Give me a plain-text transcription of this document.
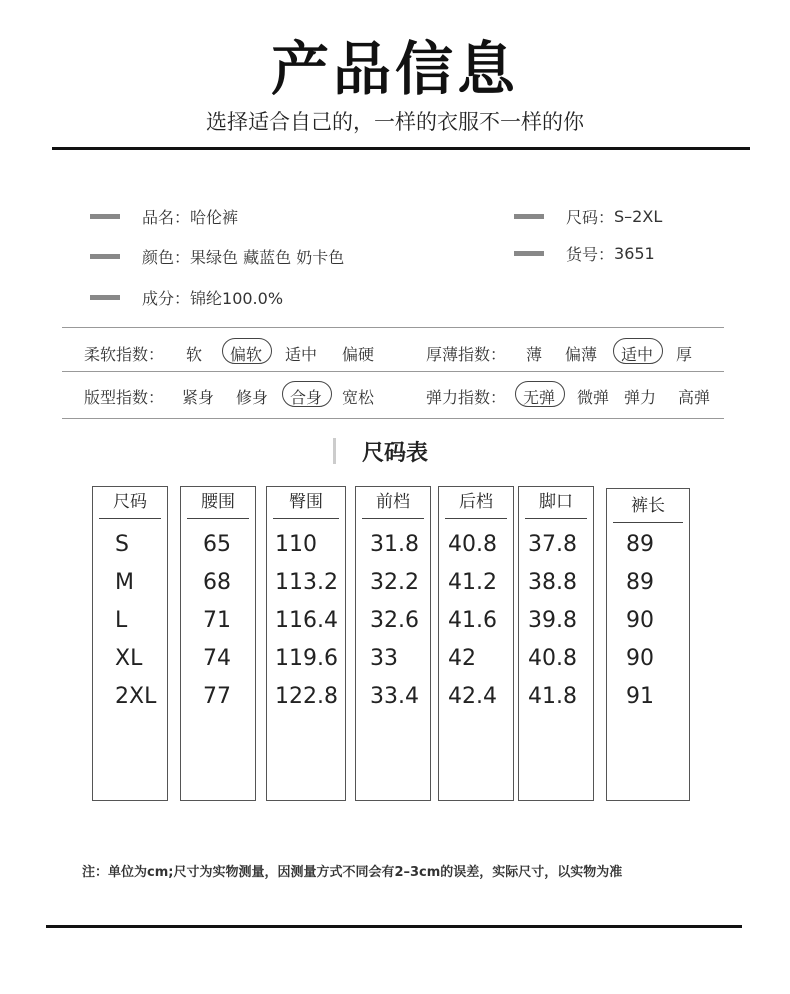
产品信息
选择适合自己的，一样的衣服不一样的你
品名： 哈伦裤
颜色： 果绿色 藏蓝色 奶卡色
成分： 锦纶100.0%
尺码： S–2XL
货号： 3651
柔软指数： 软 偏软 适中 偏硬	厚薄指数： 薄 偏薄 适中 厚
版型指数： 紧身 修身 合身 宽松	弹力指数： 无弹 微弹 弹力 高弹
尺码表
尺码	腰围	臀围	前档	后档	脚口	裤长
S	65 110 31.8 40.8 37.8 89
M	68 113.2 32.2 41.2 38.8 89
L	71 116.4 32.6 41.6 39.8 90
XL	74 119.6 33 42 40.8 90
2XL 77 122.8 33.4 42.4 41.8 91
注：单位为cm;尺寸为实物测量，因测量方式不同会有2–3cm的误差，实际尺寸，以实物为准
